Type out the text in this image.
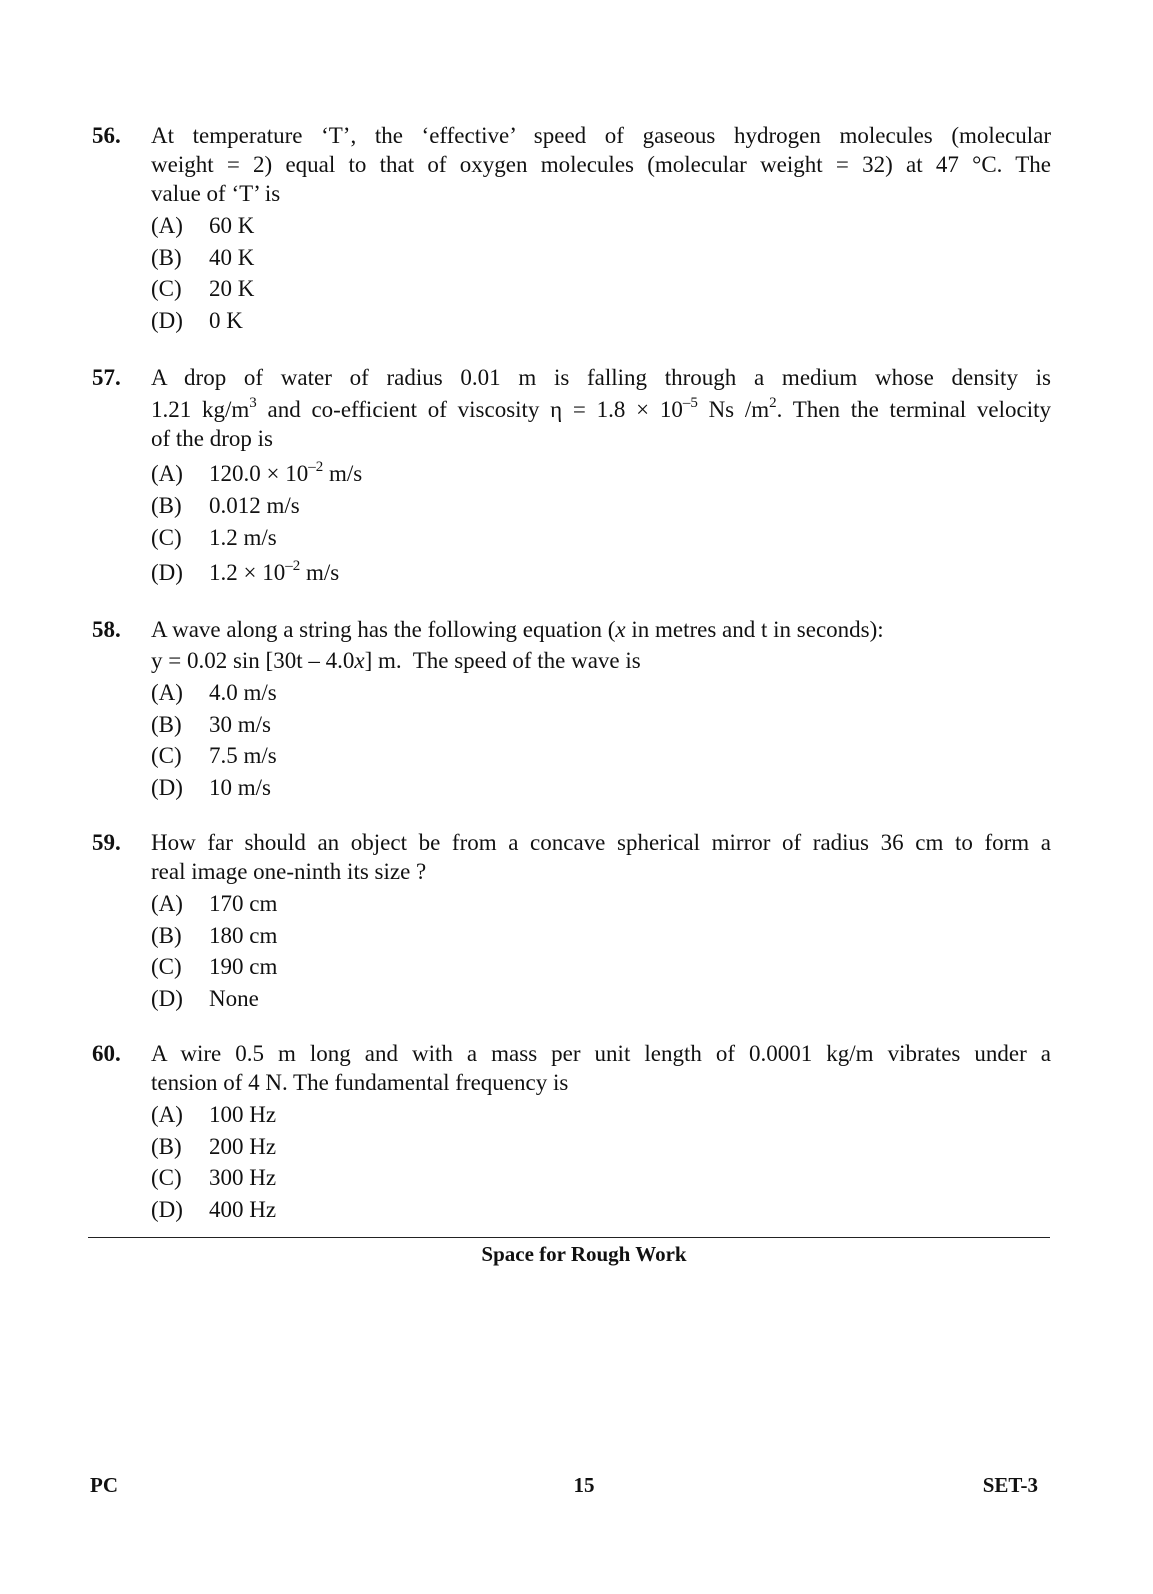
56. At temperature ‘T’, the ‘effective’ speed of gaseous hydrogen molecules (molecular
weight = 2) equal to that of oxygen molecules (molecular weight = 32) at 47 °C. The
value of ‘T’ is
(A) 60 K
(B) 40 K
(C) 20 K
(D) 0 K
57. A drop of water of radius 0.01 m is falling through a medium whose density is
1.21 $kg/m^3$ and co-efficient of viscosity $\eta = 1.8 \times 10^{-5}$ Ns $/m^2$. Then the terminal velocity
of the drop is
(A) $120.0 \times 10^{-2}$ m/s
(B) 0.012 m/s
(C) 1.2 m/s
(D) $1.2 \times 10^{-2}$ m/s
58. A wave along a string has the following equation (x in metres and t in seconds):
y = 0.02 sin [30t – 4.0x] m.  The speed of the wave is
(A) 4.0 m/s
(B) 30 m/s
(C) 7.5 m/s
(D) 10 m/s
59. How far should an object be from a concave spherical mirror of radius 36 cm to form a
real image one-ninth its size ?
(A) 170 cm
(B) 180 cm
(C) 190 cm
(D) None
60. A wire 0.5 m long and with a mass per unit length of 0.0001 kg/m vibrates under a
tension of 4 N. The fundamental frequency is
(A) 100 Hz
(B) 200 Hz
(C) 300 Hz
(D) 400 Hz
Space for Rough Work
PC	15	SET-3
